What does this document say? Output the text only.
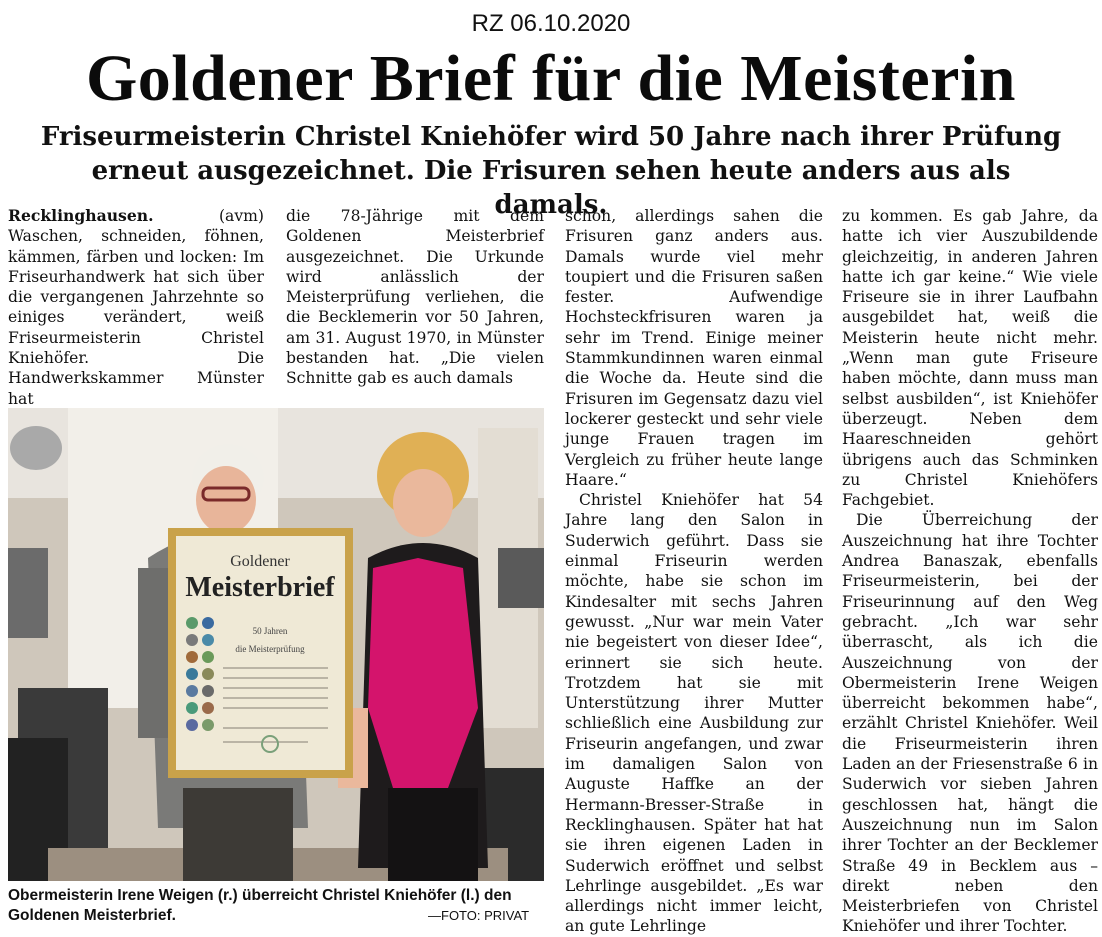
RZ 06.10.2020
Goldener Brief für die Meisterin
Friseurmeisterin Christel Kniehöfer wird 50 Jahre nach ihrer Prüfung erneut ausgezeichnet. Die Frisuren sehen heute anders aus als damals.

Recklinghausen.	(avm) Waschen, schneiden, föhnen, kämmen, färben und locken: Im Friseurhandwerk hat sich über die vergangenen Jahrzehnte so einiges verändert, weiß Friseurmeisterin Christel Kniehöfer. Die Handwerkskammer Münster hat

die 78-Jährige mit dem Goldenen Meisterbrief ausgezeichnet. Die Urkunde wird anlässlich der Meisterprüfung verliehen, die die Becklemerin vor 50 Jahren, am 31. August 1970, in Münster bestanden hat. „Die vielen Schnitte gab es auch damals

schon, allerdings sahen die Frisuren ganz anders aus. Damals wurde viel mehr toupiert und die Frisuren saßen fester. Aufwendige Hochsteckfrisuren waren ja sehr im Trend. Einige meiner Stammkundinnen waren einmal die Woche da. Heute sind die Frisuren im Gegensatz dazu viel lockerer gesteckt und sehr viele junge Frauen tragen im Vergleich zu früher heute lange Haare.“

Christel Kniehöfer hat 54 Jahre lang den Salon in Suderwich geführt. Dass sie einmal Friseurin werden möchte, habe sie schon im Kindesalter mit sechs Jahren gewusst. „Nur war mein Vater nie begeistert von dieser Idee“, erinnert sie sich heute. Trotzdem hat sie mit Unterstützung ihrer Mutter schließlich eine Ausbildung zur Friseurin angefangen, und zwar im damaligen Salon von Auguste Haffke an der Hermann-Bresser-Straße in Recklinghausen. Später hat hat sie ihren eigenen Laden in Suderwich eröffnet und selbst Lehrlinge ausgebildet. „Es war allerdings nicht immer leicht, an gute Lehrlinge

zu kommen. Es gab Jahre, da hatte ich vier Auszubildende gleichzeitig, in anderen Jahren hatte ich gar keine.“ Wie viele Friseure sie in ihrer Laufbahn ausgebildet hat, weiß die Meisterin heute nicht mehr. „Wenn man gute Friseure haben möchte, dann muss man selbst ausbilden“, ist Kniehöfer überzeugt. Neben dem Haareschneiden gehört übrigens auch das Schminken zu Christel Kniehöfers Fachgebiet.

Die Überreichung der Auszeichnung hat ihre Tochter Andrea Banaszak, ebenfalls Friseurmeisterin, bei der Friseurinnung auf den Weg gebracht. „Ich war sehr überrascht, als ich die Auszeichnung von der Obermeisterin Irene Weigen überreicht bekommen habe“, erzählt Christel Kniehöfer. Weil die Friseurmeisterin ihren Laden an der Friesenstraße 6 in Suderwich vor sieben Jahren geschlossen hat, hängt die Auszeichnung nun im Salon ihrer Tochter an der Becklemer Straße 49 in Becklem aus – direkt neben den Meisterbriefen von Christel Kniehöfer und ihrer Tochter.

Goldener
Meisterbrief
50 Jahren
die Meisterprüfung
Obermeisterin Irene Weigen (r.) überreicht Christel Kniehöfer (l.) den Goldenen Meisterbrief.	—FOTO: PRIVAT
